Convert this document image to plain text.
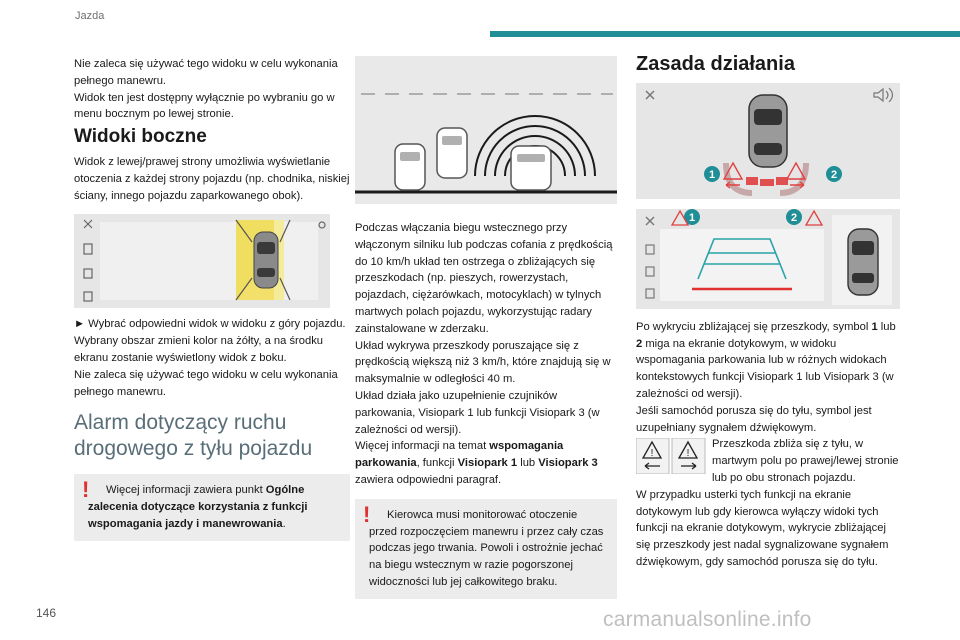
Jazda

Nie zaleca się używać tego widoku w celu wykonania pełnego manewru.

Widok ten jest dostępny wyłącznie po wybraniu go w menu bocznym po lewej stronie.

Widoki boczne

Widok z lewej/prawej strony umożliwia wyświetlanie otoczenia z każdej strony pojazdu (np. chodnika, niskiej ściany, innego pojazdu zaparkowanego obok).

► Wybrać odpowiedni widok w widoku z góry pojazdu.

Wybrany obszar zmieni kolor na żółty, a na środku ekranu zostanie wyświetlony widok z boku.

Nie zaleca się używać tego widoku w celu wykonania pełnego manewru.

Alarm dotyczący ruchu drogowego z tyłu pojazdu
!	Więcej informacji zawiera punkt Ogólne zalecenia dotyczące korzystania z funkcji wspomagania jazdy i manewrowania.

Podczas włączania biegu wstecznego przy włączonym silniku lub podczas cofania z prędkością do 10 km/h układ ten ostrzega o zbliżających się przeszkodach (np. pieszych, rowerzystach, pojazdach, ciężarówkach, motocyklach) w tylnych martwych polach pojazdu, wykorzystując radary zainstalowane w zderzaku.

Układ wykrywa przeszkody poruszające się z prędkością większą niż 3 km/h, które znajdują się w maksymalnie w odległości 40 m.

Układ działa jako uzupełnienie czujników parkowania, Visiopark 1 lub funkcji Visiopark 3 (w zależności od wersji).

Więcej informacji na temat wspomagania parkowania, funkcji Visiopark 1 lub Visiopark 3 zawiera odpowiedni paragraf.

!	Kierowca musi monitorować otoczenie przed rozpoczęciem manewru i przez cały czas podczas jego trwania. Powoli i ostrożnie jechać na biegu wstecznym w razie pogorszonej widoczności lub jej całkowitego braku.

Zasada działania
1	2
1	2

Po wykryciu zbliżającej się przeszkody, symbol 1 lub 2 miga na ekranie dotykowym, w widoku wspomagania parkowania lub w różnych widokach kontekstowych funkcji Visiopark 1 lub Visiopark 3 (w zależności od wersji).

Jeśli samochód porusza się do tyłu, symbol jest uzupełniany sygnałem dźwiękowym.

!	!

Przeszkoda zbliża się z tyłu, w martwym polu po prawej/lewej stronie lub po obu stronach pojazdu.

W przypadku usterki tych funkcji na ekranie dotykowym lub gdy kierowca wyłączy widoki tych funkcji na ekranie dotykowym, wykrycie zbliżającej się przeszkody jest nadal sygnalizowane sygnałem dźwiękowym, gdy samochód porusza się do tyłu.

146	carmanualsonline.info
